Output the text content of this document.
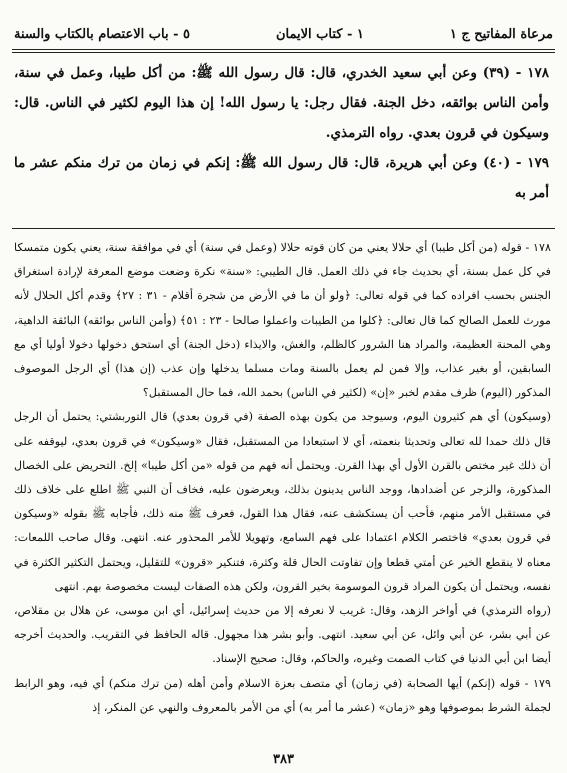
مرعاة المفاتيح ج ١
١ - كتاب الايمان
٥ - باب الاعتصام بالكتاب والسنة

١٧٨ - (٣٩) وعن أبي سعيد الخدري، قال: قال رسول الله ﷺ: من أكل طيبا، وعمل في سنة، وأمن الناس بوائقه، دخل الجنة. فقال رجل: يا رسول الله! إن هذا اليوم لكثير في الناس. قال: وسيكون في قرون بعدي. رواه الترمذي.

١٧٩ - (٤٠) وعن أبي هريرة، قال: قال رسول الله ﷺ: إنكم في زمان من ترك منكم عشر ما أمر به

١٧٨ - قوله (من أكل طيبا) أي حلالا يعني من كان قوته حلالا (وعمل في سنة) أي في موافقة سنة، يعني يكون متمسكا في كل عمل بسنة، أي بحديث جاء في ذلك العمل. قال الطيبي: «سنة» نكرة وضعت موضع المعرفة لإرادة استغراق الجنس بحسب افراده كما في قوله تعالى: ﴿ولو أن ما في الأرض من شجرة أقلام - ٣١ : ٢٧﴾ وقدم أكل الحلال لأنه مورث للعمل الصالح كما قال تعالى: ﴿كلوا من الطيبات واعملوا صالحا - ٢٣ : ٥١﴾ (وأمن الناس بوائقه) البائقة الداهية، وهي المحنة العظيمة، والمراد هنا الشرور كالظلم، والغش، والايذاء (دخل الجنة) أي استحق دخولها دخولا أوليا أي مع السابقين، أو بغير عذاب، وإلا فمن لم يعمل بالسنة ومات مسلما يدخلها وإن عذب (إن هذا) أي الرجل الموصوف المذكور (اليوم) ظرف مقدم لخبر «إن» (لكثير في الناس) بحمد الله، فما حال المستقبل؟

(وسيكون) أي هم كثيرون اليوم، وسيوجد من يكون بهذه الصفة (في قرون بعدي) قال التوربشتي: يحتمل أن الرجل قال ذلك حمدا لله تعالى وتحديثا بنعمته، أي لا استبعادا من المستقبل، فقال «وسيكون» في قرون بعدي، ليوقفه على أن ذلك غير مختص بالقرن الأول أي بهذا القرن. ويحتمل أنه فهم من قوله «من أكل طيبا» إلخ. التحريض على الخصال المذكورة، والزجر عن أضدادها، ووجد الناس يدينون بذلك، ويعرضون عليه، فخاف أن النبي ﷺ اطلع على خلاف ذلك في مستقبل الأمر منهم، فأحب أن يستكشف عنه، فقال هذا القول، فعرف ﷺ منه ذلك، فأجابه ﷺ بقوله «وسيكون في قرون بعدي» فاختصر الكلام اعتمادا على فهم السامع، وتهويلا للأمر المحذور عنه. انتهى. وقال صاحب اللمعات: معناه لا ينقطع الخير عن أمتي قطعا وإن تفاوتت الحال قلة وكثرة، فتنكير «قرون» للتقليل، ويحتمل التكثير الكثرة في نفسه، ويحتمل أن يكون المراد قرون الموسومة بخير القرون، ولكن هذه الصفات ليست مخصوصة بهم. انتهى

(رواه الترمذي) في أواخر الزهد، وقال: غريب لا نعرفه إلا من حديث إسرائيل، أي ابن موسى، عن هلال بن مقلاص، عن أبي بشر، عن أبي وائل، عن أبي سعيد. انتهى. وأبو بشر هذا مجهول. قاله الحافظ في التقريب. والحديث أخرجه أيضا ابن أبي الدنيا في كتاب الصمت وغيره، والحاكم، وقال: صحيح الإسناد.

١٧٩ - قوله (إنكم) أيها الصحابة (في زمان) أي متصف بعزة الاسلام وأمن أهله (من ترك منكم) أي فيه، وهو الرابط لجملة الشرط بموصوفها وهو «زمان» (عشر ما أمر به) أي من الأمر بالمعروف والنهي عن المنكر، إذ

٣٨٣
